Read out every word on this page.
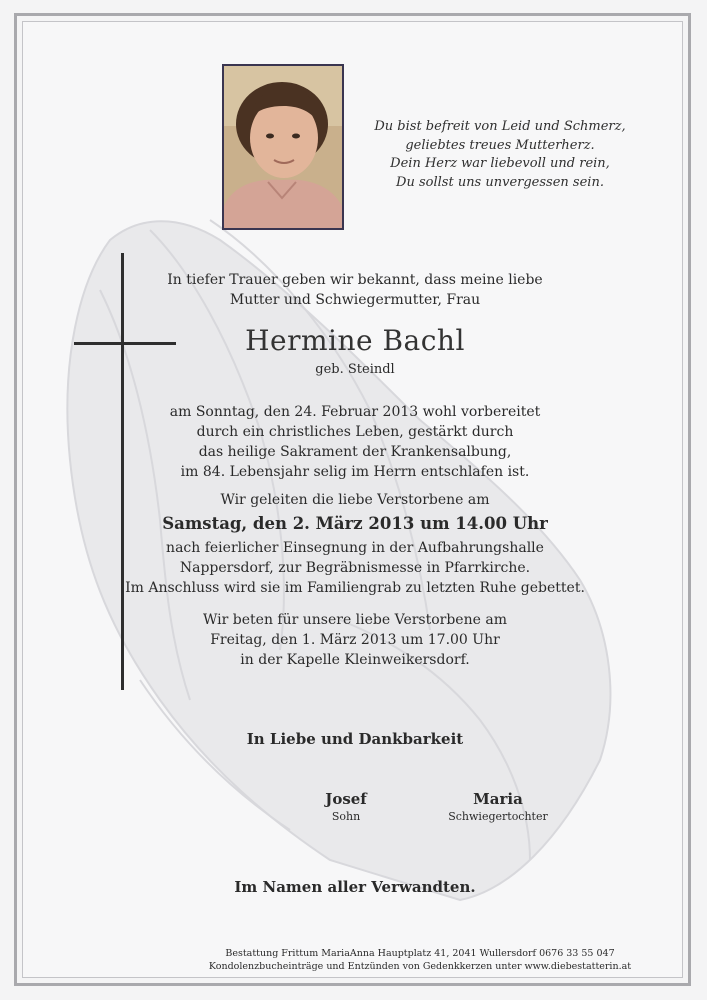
Du bist befreit von Leid und Schmerz,
geliebtes treues Mutterherz.
Dein Herz war liebevoll und rein,
Du sollst uns unvergessen sein.
In tiefer Trauer geben wir bekannt, dass meine liebe
Mutter und Schwiegermutter, Frau
Hermine Bachl
geb. Steindl
am Sonntag, den 24. Februar 2013 wohl vorbereitet
durch ein christliches Leben, gestärkt durch
das heilige Sakrament der Krankensalbung,
im 84. Lebensjahr selig im Herrn entschlafen ist.
Wir geleiten die liebe Verstorbene am
Samstag, den 2. März 2013 um 14.00 Uhr
nach feierlicher Einsegnung in der Aufbahrungshalle
Nappersdorf, zur Begräbnismesse in Pfarrkirche.
Im Anschluss wird sie im Familiengrab zu letzten Ruhe gebettet.
Wir beten für unsere liebe Verstorbene am
Freitag, den 1. März 2013 um 17.00 Uhr
in der Kapelle Kleinweikersdorf.
In Liebe und Dankbarkeit
Josef
Sohn
Maria
Schwiegertochter
Im Namen aller Verwandten.
Bestattung Frittum MariaAnna Hauptplatz 41, 2041 Wullersdorf 0676 33 55 047
Kondolenzbucheinträge und Entzünden von Gedenkkerzen unter www.diebestatterin.at
